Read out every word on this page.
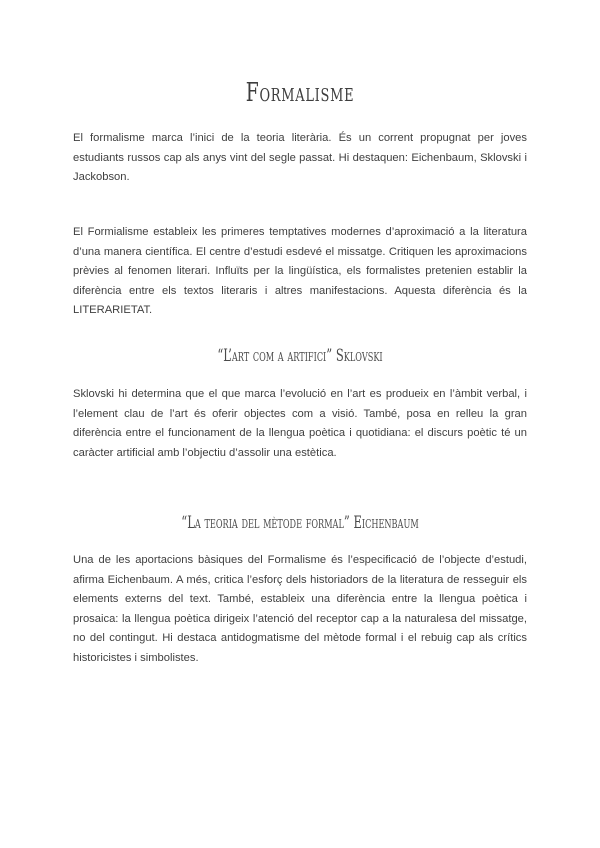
Formalisme

El formalisme marca l’inici de la teoria literària. És un corrent propugnat per joves estudiants russos cap als anys vint del segle passat. Hi destaquen: Eichenbaum, Sklovski i Jackobson.

El Formialisme estableix les primeres temptatives modernes d’aproximació a la literatura d’una manera científica. El centre d’estudi esdevé el missatge. Critiquen les aproximacions prèvies al fenomen literari. Influïts per la lingüística, els formalistes pretenien establir la diferència entre els textos literaris i altres manifestacions. Aquesta diferència és la LITERARIETAT.

“L’art com a artifici” Sklovski

Sklovski hi determina que el que marca l’evolució en l’art es produeix en l’àmbit verbal, i l’element clau de l’art és oferir objectes com a visió. També, posa en relleu la gran diferència entre el funcionament de la llengua poètica i quotidiana: el discurs poètic té un caràcter artificial amb l’objectiu d’assolir una estètica.

“La teoria del mètode formal” Eichenbaum

Una de les aportacions bàsiques del Formalisme és l’especificació de l’objecte d’estudi, afirma Eichenbaum. A més, critica l’esforç dels historiadors de la literatura de resseguir els elements externs del text. També, estableix una diferència entre la llengua poètica i prosaica: la llengua poètica dirigeix l’atenció del receptor cap a la naturalesa del missatge, no del contingut. Hi destaca antidogmatisme del mètode formal i el rebuig cap als crítics historicistes i simbolistes.
